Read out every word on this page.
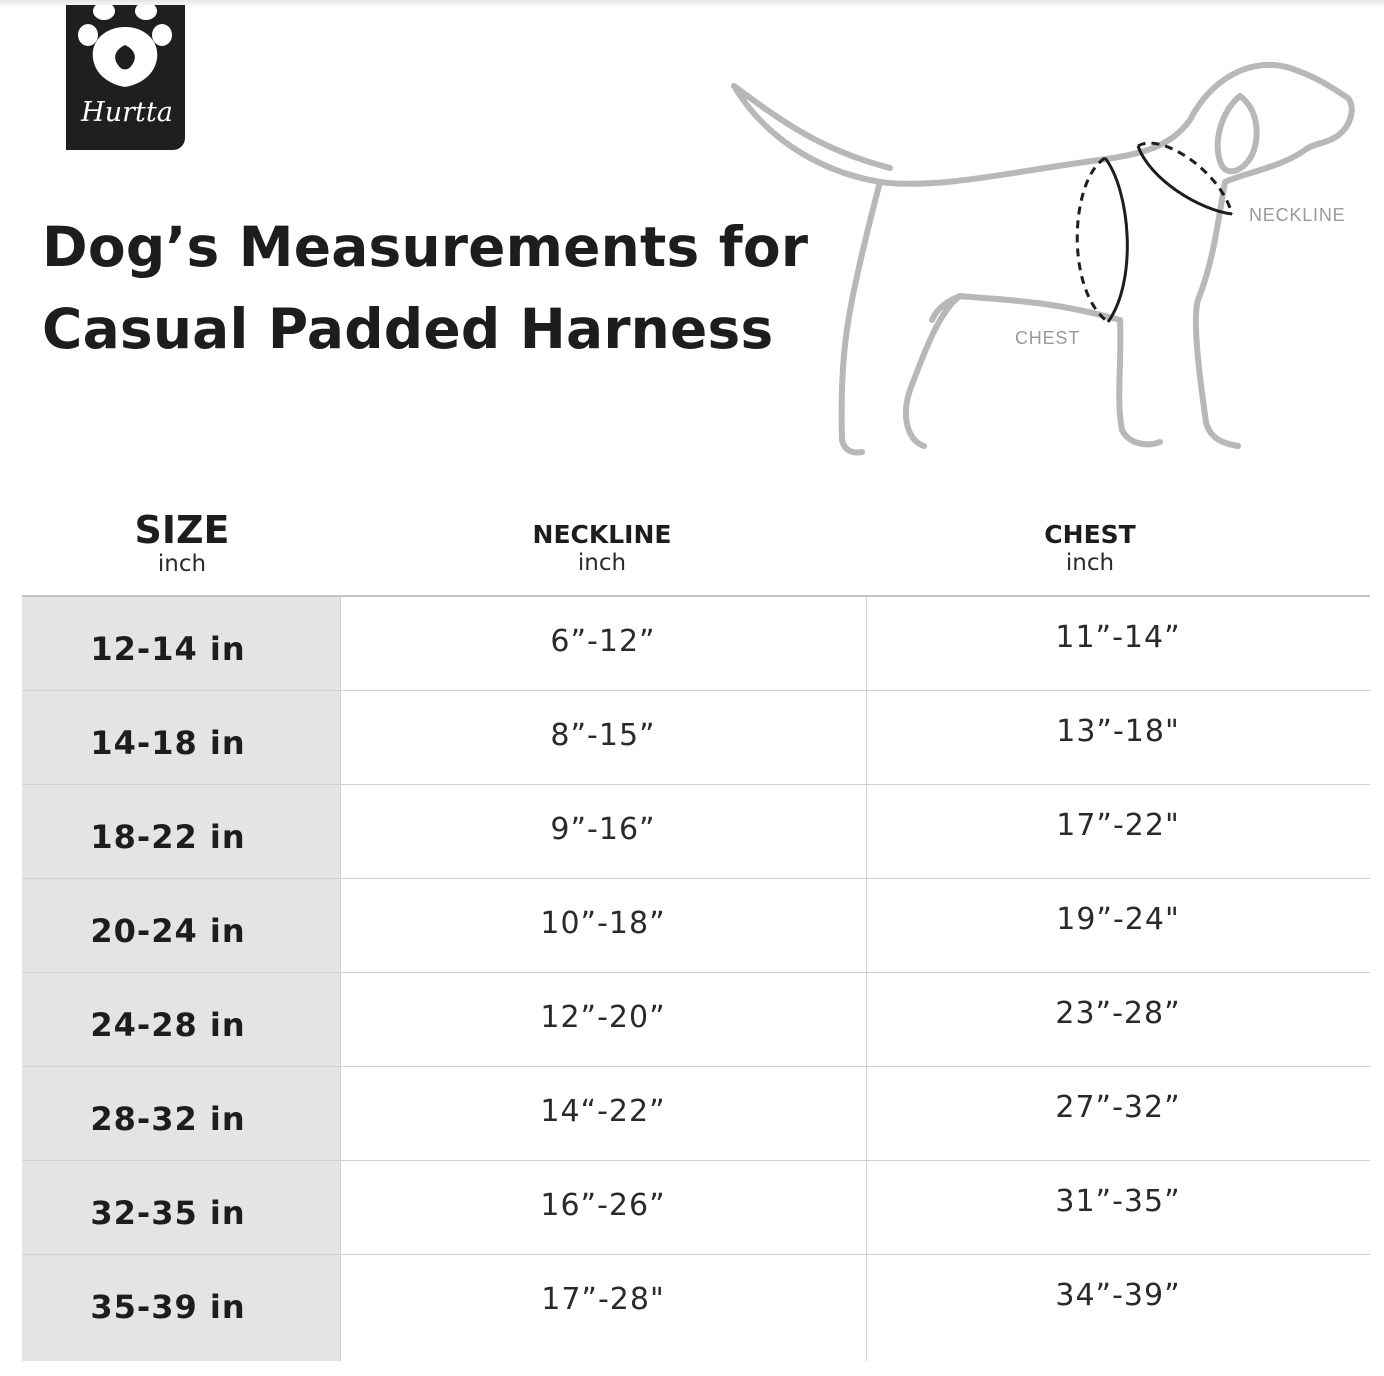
Hurtta
Dog’s Measurements for
Casual Padded Harness
NECKLINE
CHEST
SIZE
inch
NECKLINE
inch
CHEST
inch
12-14 in	6”-12”	11”-14”
14-18 in	8”-15”	13”-18"
18-22 in	9”-16”	17”-22"
20-24 in	10”-18”	19”-24"
24-28 in	12”-20”	23”-28”
28-32 in	14“-22”	27”-32”
32-35 in	16”-26”	31”-35”
35-39 in	17”-28"	34”-39”
